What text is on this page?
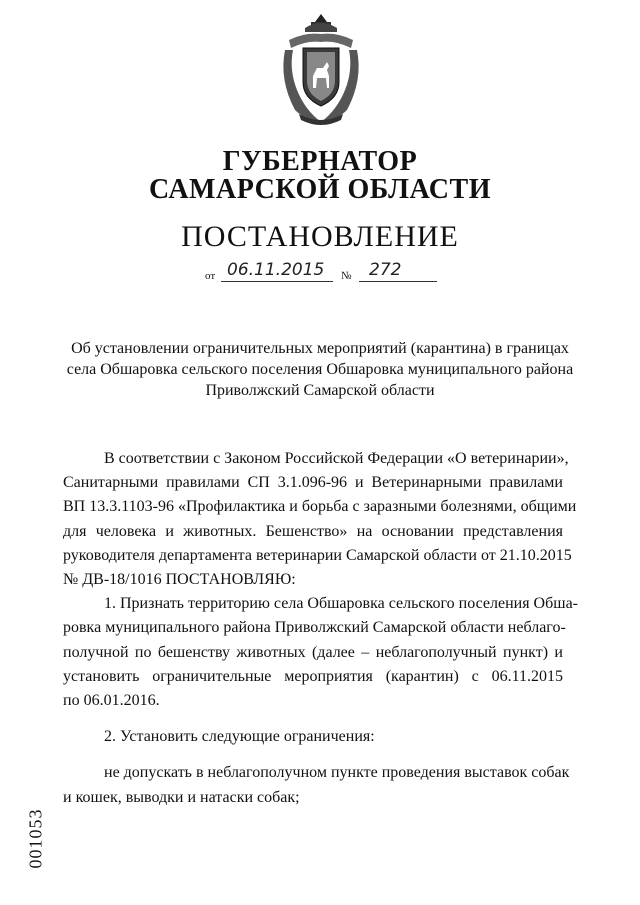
ГУБЕРНАТОР
САМАРСКОЙ ОБЛАСТИ
ПОСТАНОВЛЕНИЕ
от 06.11.2015 № 272
Об установлении ограничительных мероприятий (карантина) в границах
села Обшаровка сельского поселения Обшаровка муниципального района
Приволжский Самарской области
В соответствии с Законом Российской Федерации «О ветеринарии»,
Санитарными правилами СП 3.1.096-96 и Ветеринарными правилами
ВП 13.3.1103-96 «Профилактика и борьба с заразными болезнями, общими
для человека и животных. Бешенство» на основании представления
руководителя департамента ветеринарии Самарской области от 21.10.2015
№ ДВ-18/1016 ПОСТАНОВЛЯЮ:
1. Признать территорию села Обшаровка сельского поселения Обша-
ровка муниципального района Приволжский Самарской области неблаго-
получной по бешенству животных (далее – неблагополучный пункт) и
установить ограничительные мероприятия (карантин) с 06.11.2015
по 06.01.2016.
2. Установить следующие ограничения:
не допускать в неблагополучном пункте проведения выставок собак
и кошек, выводки и натаски собак;
001053
